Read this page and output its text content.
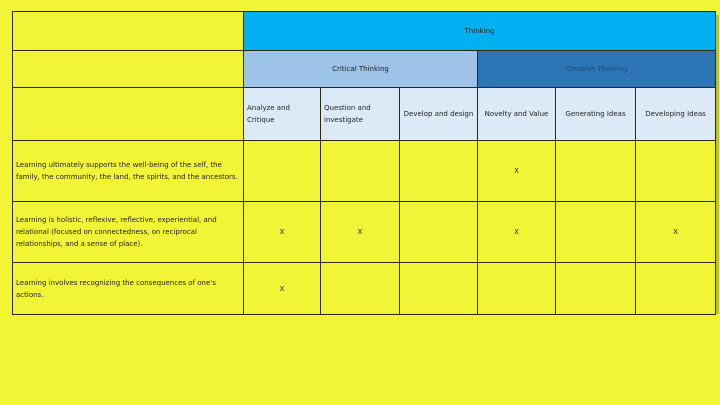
	Thinking					
	Critical Thinking			Creative Thinking		
	Analyze and Critique	Question and investigate	Develop and design	Novelty and Value	Generating Ideas	Developing Ideas
Learning ultimately supports the well-being of the self, the family, the community, the land, the spirits, and the ancestors.				X		
Learning is holistic, reflexive, reflective, experiential, and relational (focused on connectedness, on reciprocal relationships, and a sense of place).	X	X		X		X
Learning involves recognizing the consequences of one's actions.	X					
